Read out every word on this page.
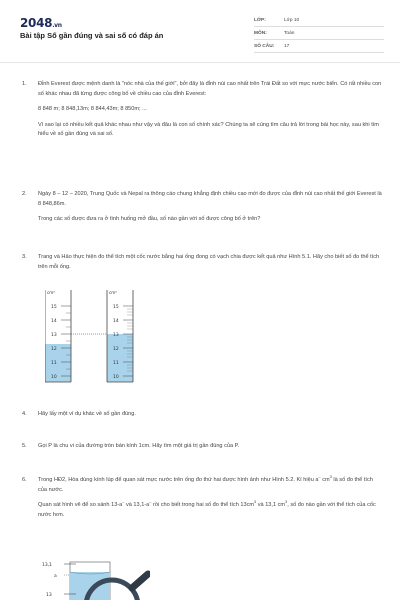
2048.vn
Bài tập Số gần đúng và sai số có đáp án
LỚP:	Lớp 10
MÔN:	Toán
SỐ CÂU:	17
1.	Đỉnh Everest được mệnh danh là "nóc nhà của thế giới", bởi đây là đỉnh núi cao nhất trên Trái Đất so với mực nước biển. Có rất nhiều con số khác nhau đã từng được công bố về chiều cao của đỉnh Everest:

8 848 m; 8 848,13m; 8 844,43m; 8 850m; ...

Vì sao lại có nhiều kết quả khác nhau như vậy và đâu là con số chính xác? Chúng ta sẽ cùng tìm câu trả lời trong bài học này, sau khi tìm hiểu về số gần đúng và sai số.

2.	Ngày 8 – 12 – 2020, Trung Quốc và Nepal ra thông cáo chung khẳng định chiều cao mới đo được của đỉnh núi cao nhất thế giới Everest là 8 848,86m.

Trong các số được đưa ra ở tình huống mở đầu, số nào gần với số được công bố ở trên?

3.	Trang và Hảo thực hiện đo thể tích một cốc nước bằng hai ống đong có vạch chia được kết quả như Hình 5.1. Hãy cho biết số đo thể tích trên mỗi ống.

cm³
15
14
13
12
11
10
cm³
15
14
13
12
11
10
4.	Hãy lấy một ví dụ khác về số gần đúng.

5.	Gọi P là chu vi của đường tròn bán kính 1cm. Hãy tìm một giá trị gần đúng của P.

6.	Trong HĐ2, Hòa dùng kính lúp để quan sát mực nước trên ống đo thứ hai được hình ảnh như Hình 5.2. Kí hiệu a– $cm^3$ là số đo thể tích của nước.

Quan sát hình vẽ để so sánh 13-a– và 13,1-a– rồi cho biết trong hai số đo thể tích $13cm^3$ và 13,1 $cm^3$, số đo nào gần với thể tích của cốc nước hơn.

13,1
a
13
